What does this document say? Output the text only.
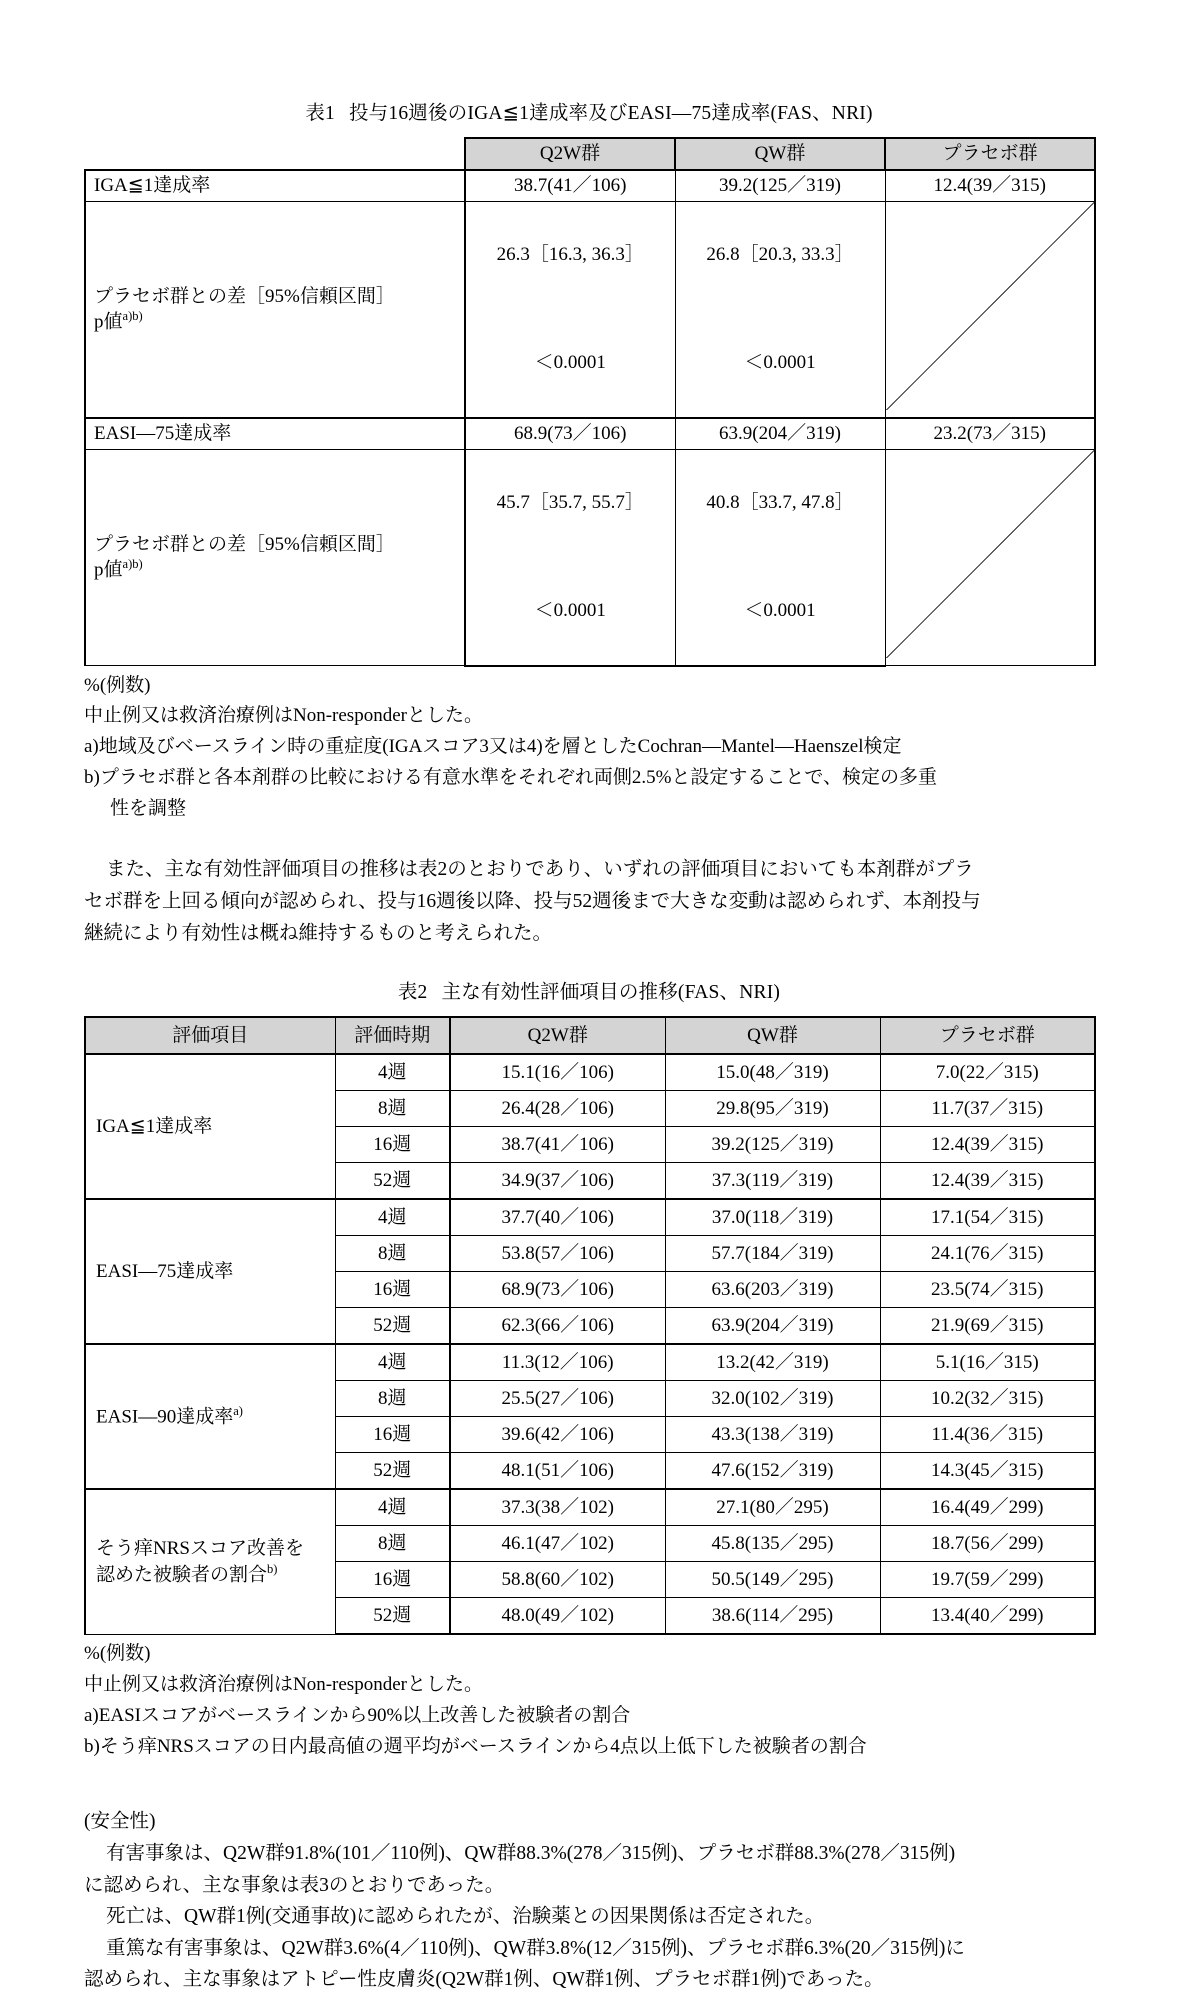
表1 投与16週後のIGA≦1達成率及びEASI―75達成率(FAS、NRI)
	Q2W群	QW群	プラセボ群
IGA≦1達成率	38.7(41／106)	39.2(125／319)	12.4(39／315)

プラセボ群との差［95%信頼区間］
p値$^{a)b)}$	26.3［16.3, 36.3］	26.8［20.3, 33.3］	
	＜0.0001	＜0.0001	
EASI―75達成率	68.9(73／106)	63.9(204／319)	23.2(73／315)

プラセボ群との差［95%信頼区間］
p値$^{a)b)}$	45.7［35.7, 55.7］	40.8［33.7, 47.8］	
	＜0.0001	＜0.0001	
%(例数)
中止例又は救済治療例はNon‐responderとした。
a)地域及びベースライン時の重症度(IGAスコア3又は4)を層としたCochran―Mantel―Haenszel検定
b)プラセボ群と各本剤群の比較における有意水準をそれぞれ両側2.5%と設定することで、検定の多重
性を調整
また、主な有効性評価項目の推移は表2のとおりであり、いずれの評価項目においても本剤群がプラ
セボ群を上回る傾向が認められ、投与16週後以降、投与52週後まで大きな変動は認められず、本剤投与
継続により有効性は概ね維持するものと考えられた。
表2 主な有効性評価項目の推移(FAS、NRI)
評価項目	評価時期	Q2W群	QW群	プラセボ群
IGA≦1達成率	4週	15.1(16／106)	15.0(48／319)	7.0(22／315)
	8週	26.4(28／106)	29.8(95／319)	11.7(37／315)
	16週	38.7(41／106)	39.2(125／319)	12.4(39／315)
	52週	34.9(37／106)	37.3(119／319)	12.4(39／315)
EASI―75達成率	4週	37.7(40／106)	37.0(118／319)	17.1(54／315)
	8週	53.8(57／106)	57.7(184／319)	24.1(76／315)
	16週	68.9(73／106)	63.6(203／319)	23.5(74／315)
	52週	62.3(66／106)	63.9(204／319)	21.9(69／315)
EASI―90達成率$^{a)}$	4週	11.3(12／106)	13.2(42／319)	5.1(16／315)
	8週	25.5(27／106)	32.0(102／319)	10.2(32／315)
	16週	39.6(42／106)	43.3(138／319)	11.4(36／315)
	52週	48.1(51／106)	47.6(152／319)	14.3(45／315)

そう痒NRSスコア改善を
認めた被験者の割合$^{b)}$	4週	37.3(38／102)	27.1(80／295)	16.4(49／299)
	8週	46.1(47／102)	45.8(135／295)	18.7(56／299)
	16週	58.8(60／102)	50.5(149／295)	19.7(59／299)
	52週	48.0(49／102)	38.6(114／295)	13.4(40／299)
%(例数)
中止例又は救済治療例はNon‐responderとした。
a)EASIスコアがベースラインから90%以上改善した被験者の割合
b)そう痒NRSスコアの日内最高値の週平均がベースラインから4点以上低下した被験者の割合
(安全性)
有害事象は、Q2W群91.8%(101／110例)、QW群88.3%(278／315例)、プラセボ群88.3%(278／315例)
に認められ、主な事象は表3のとおりであった。
死亡は、QW群1例(交通事故)に認められたが、治験薬との因果関係は否定された。
重篤な有害事象は、Q2W群3.6%(4／110例)、QW群3.8%(12／315例)、プラセボ群6.3%(20／315例)に
認められ、主な事象はアトピー性皮膚炎(Q2W群1例、QW群1例、プラセボ群1例)であった。
